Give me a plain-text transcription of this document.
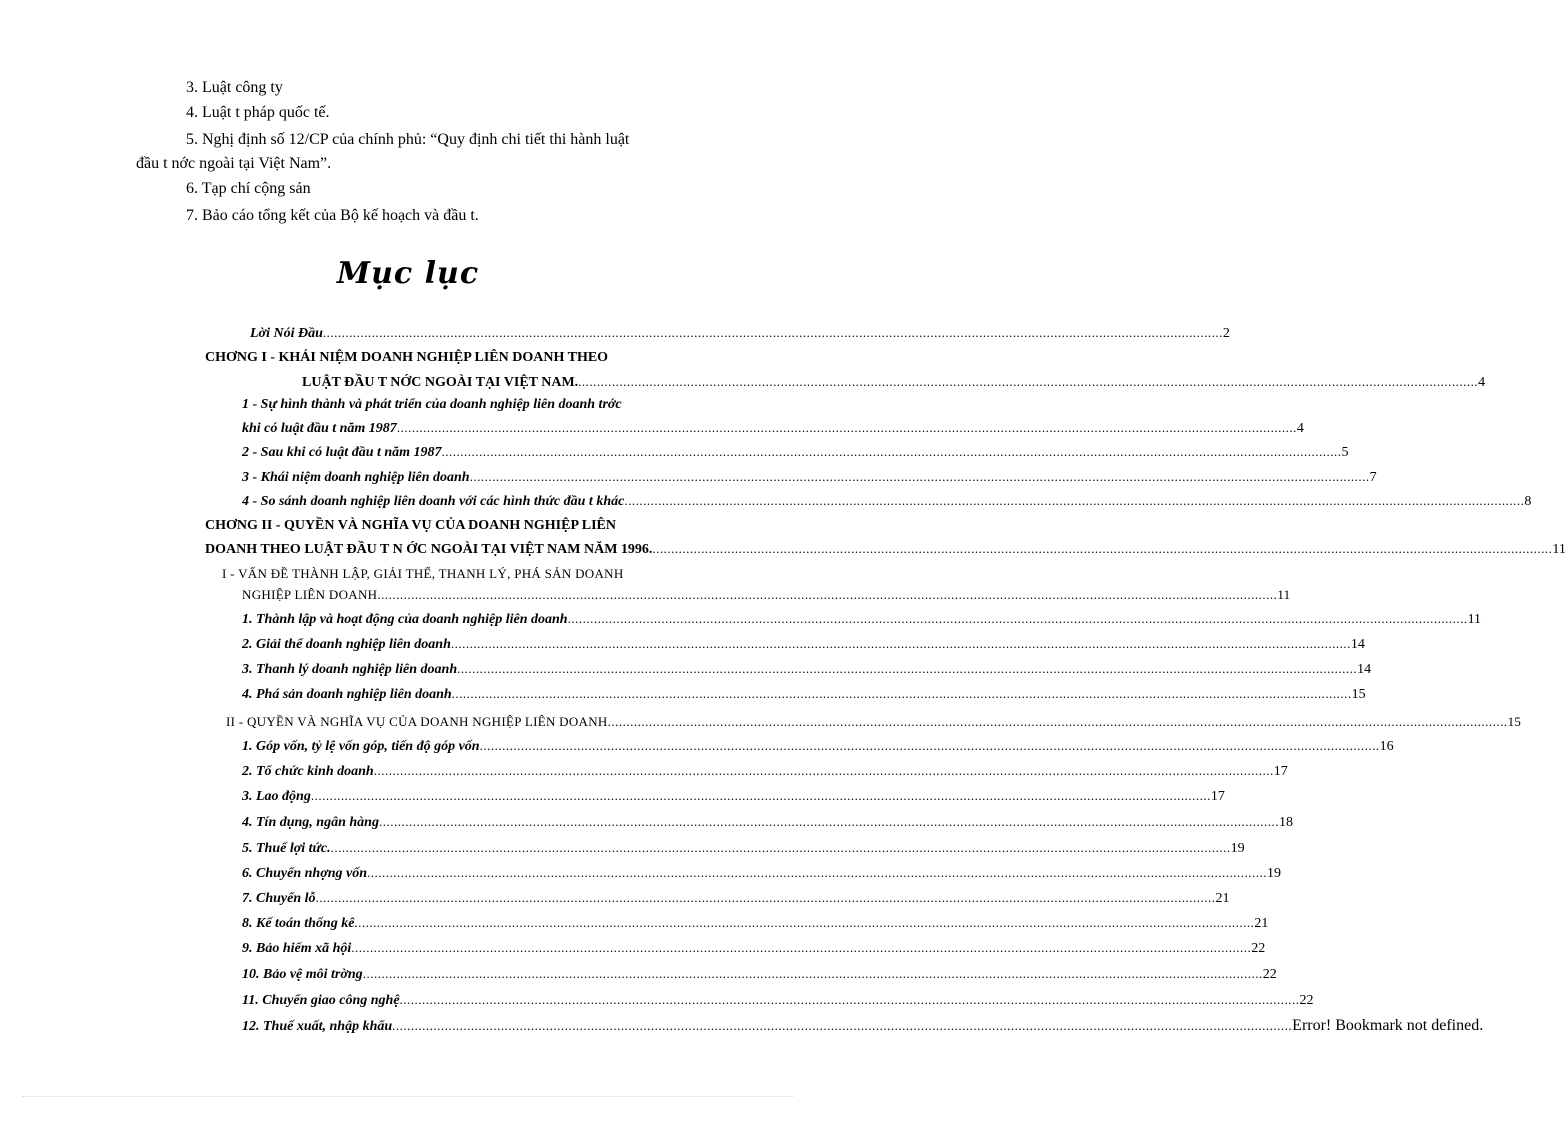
3. Luật công ty
4. Luật t pháp quốc tế.
5. Nghị định số 12/CP của chính phủ: “Quy định chi tiết thi hành luật
đầu t nớc ngoài tại Việt Nam”.
6. Tạp chí cộng sản
7. Bảo cáo tổng kết của Bộ kế hoạch và đầu t.
Mục lục
Lời Nói Đầu ................................................................................................................................................................................................................................................ 2
CHƠNG I - KHÁI NIỆM DOANH NGHIỆP LIÊN DOANH THEO
LUẬT ĐẦU T NỚC NGOÀI TẠI VIỆT NAM. ................................................................................................................................................................................................................................................ 4
1 - Sự hình thành và phát triển của doanh nghiệp liên doanh trớc
khi có luật đầu t năm 1987 ................................................................................................................................................................................................................................................ 4
2 - Sau khi có luật đầu t năm 1987 ................................................................................................................................................................................................................................................ 5
3 - Khái niệm doanh nghiệp liên doanh ................................................................................................................................................................................................................................................ 7
4 - So sánh doanh nghiệp liên doanh với các hình thức đầu t khác ................................................................................................................................................................................................................................................ 8
CHƠNG II - QUYỀN VÀ NGHĨA VỤ CỦA DOANH NGHIỆP LIÊN
DOANH THEO LUẬT ĐẦU T N ỚC NGOÀI TẠI VIỆT NAM NĂM 1996. ................................................................................................................................................................................................................................................ 11
I - VẤN ĐỀ THÀNH LẬP, GIẢI THỂ, THANH LÝ, PHÁ SẢN DOANH
NGHIỆP LIÊN DOANH ................................................................................................................................................................................................................................................ 11
1. Thành lập và hoạt động của doanh nghiệp liên doanh ................................................................................................................................................................................................................................................ 11
2. Giải thể doanh nghiệp liên doanh ................................................................................................................................................................................................................................................ 14
3. Thanh lý doanh nghiệp liên doanh ................................................................................................................................................................................................................................................ 14
4. Phá sản doanh nghiệp liên doanh ................................................................................................................................................................................................................................................ 15
II - QUYỀN VÀ NGHĨA VỤ CỦA DOANH NGHIỆP LIÊN DOANH ................................................................................................................................................................................................................................................ 15
1. Góp vốn, tỷ lệ vốn góp, tiến độ góp vốn ................................................................................................................................................................................................................................................ 16
2. Tổ chức kinh doanh ................................................................................................................................................................................................................................................ 17
3. Lao động ................................................................................................................................................................................................................................................ 17
4. Tín dụng, ngân hàng ................................................................................................................................................................................................................................................ 18
5. Thuế lợi tức. ................................................................................................................................................................................................................................................ 19
6. Chuyển nhợng vốn ................................................................................................................................................................................................................................................ 19
7. Chuyển lỗ ................................................................................................................................................................................................................................................ 21
8. Kế toán thống kê ................................................................................................................................................................................................................................................ 21
9. Bảo hiểm xã hội ................................................................................................................................................................................................................................................ 22
10. Bảo vệ môi trờng ................................................................................................................................................................................................................................................ 22
11. Chuyển giao công nghệ ................................................................................................................................................................................................................................................ 22
12. Thuế xuất, nhập khẩu ................................................................................................................................................................................................................................................ Error! Bookmark not defined.
